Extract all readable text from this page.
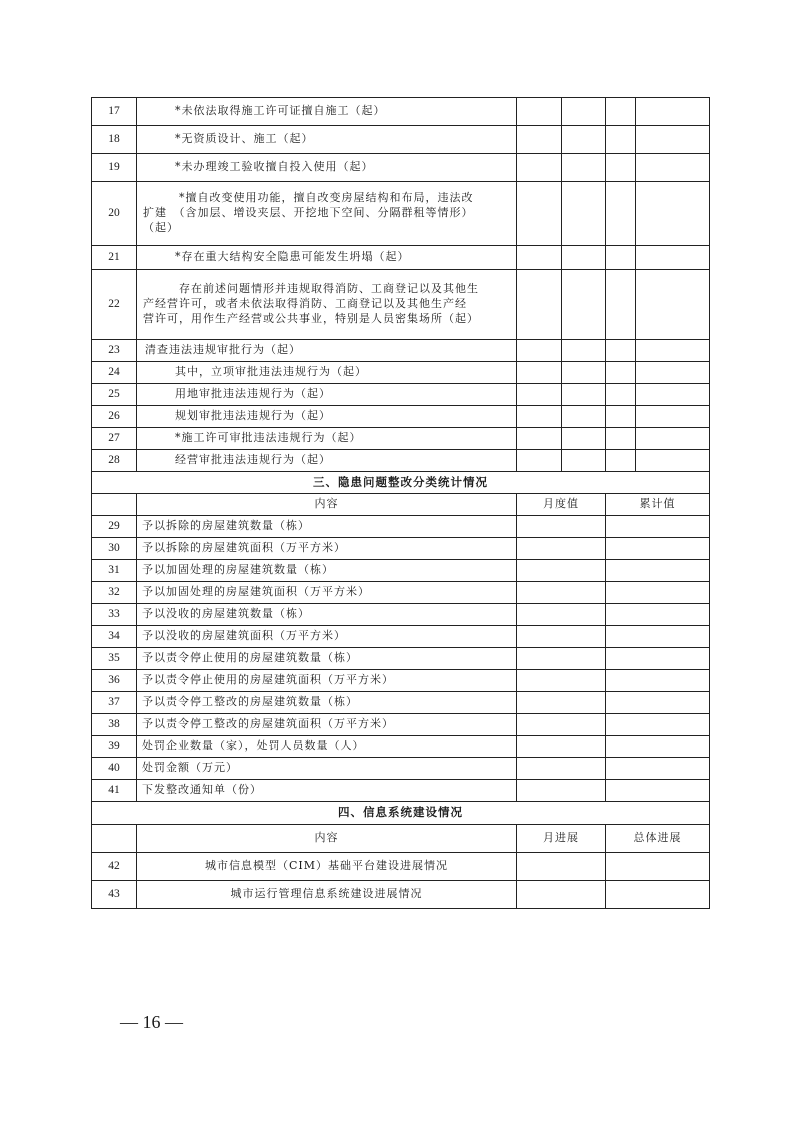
17	*未依法取得施工许可证擅自施工（起）				
18	*无资质设计、施工（起）				
19	*未办理竣工验收擅自投入使用（起）				
20	*擅自改变使用功能，擅自改变房屋结构和布局，违法改
扩建　（含加层、增设夹层、开挖地下空间、分隔群租等情形）
（起）				

21	*存在重大结构安全隐患可能发生坍塌（起）				
22	存在前述问题情形并违规取得消防、工商登记以及其他生
产经营许可，或者未依法取得消防、工商登记以及其他生产经
营许可，用作生产经营或公共事业，特别是人员密集场所（起）				

23	清查违法违规审批行为（起）				
24	其中，立项审批违法违规行为（起）				
25	用地审批违法违规行为（起）				
26	规划审批违法违规行为（起）				
27	*施工许可审批违法违规行为（起）				
28	经营审批违法违规行为（起）				
三、隐患问题整改分类统计情况					
	内容	月度值		累计值	
29	予以拆除的房屋建筑数量（栋）				
30	予以拆除的房屋建筑面积（万平方米）				
31	予以加固处理的房屋建筑数量（栋）				
32	予以加固处理的房屋建筑面积（万平方米）				
33	予以没收的房屋建筑数量（栋）				
34	予以没收的房屋建筑面积（万平方米）				
35	予以责令停止使用的房屋建筑数量（栋）				
36	予以责令停止使用的房屋建筑面积（万平方米）				
37	予以责令停工整改的房屋建筑数量（栋）				
38	予以责令停工整改的房屋建筑面积（万平方米）				
39	处罚企业数量（家），处罚人员数量（人）				
40	处罚金额（万元）				
41	下发整改通知单（份）				
四、信息系统建设情况					
	内容	月进展		总体进展	
42	城市信息模型（CIM）基础平台建设进展情况				
43	城市运行管理信息系统建设进展情况				
— 16 —
